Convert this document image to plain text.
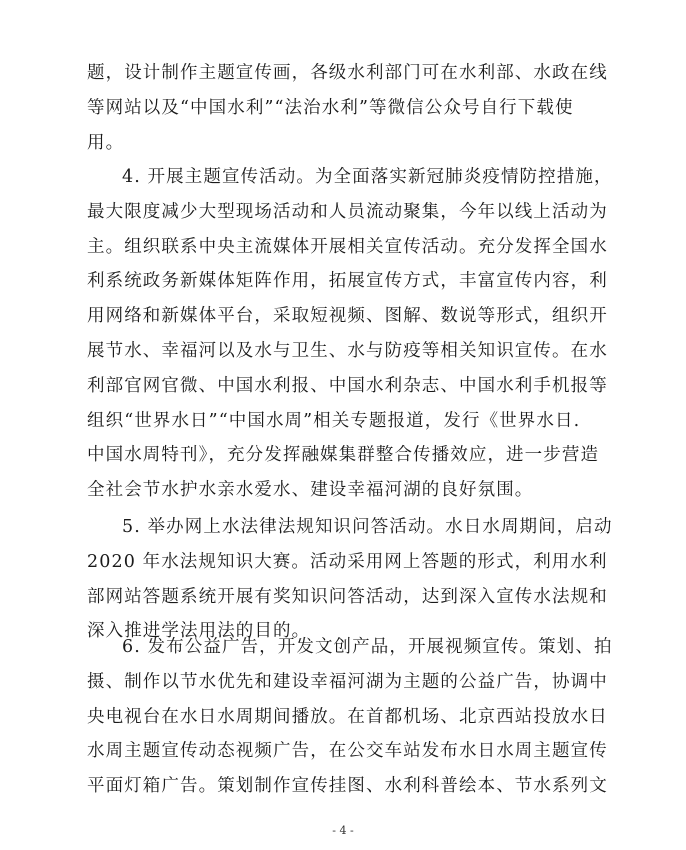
题，设计制作主题宣传画，各级水利部门可在水利部、水政在线
等网站以及“中国水利”“法治水利”等微信公众号自行下载使
用。
4. 开展主题宣传活动。为全面落实新冠肺炎疫情防控措施，
最大限度减少大型现场活动和人员流动聚集，今年以线上活动为
主。组织联系中央主流媒体开展相关宣传活动。充分发挥全国水
利系统政务新媒体矩阵作用，拓展宣传方式，丰富宣传内容，利
用网络和新媒体平台，采取短视频、图解、数说等形式，组织开
展节水、幸福河以及水与卫生、水与防疫等相关知识宣传。在水
利部官网官微、中国水利报、中国水利杂志、中国水利手机报等
组织“世界水日”“中国水周”相关专题报道，发行《世界水日.
中国水周特刊》，充分发挥融媒集群整合传播效应，进一步营造
全社会节水护水亲水爱水、建设幸福河湖的良好氛围。
5. 举办网上水法律法规知识问答活动。水日水周期间，启动
2020 年水法规知识大赛。活动采用网上答题的形式，利用水利
部网站答题系统开展有奖知识问答活动，达到深入宣传水法规和
深入推进学法用法的目的。
6. 发布公益广告，开发文创产品，开展视频宣传。策划、拍
摄、制作以节水优先和建设幸福河湖为主题的公益广告，协调中
央电视台在水日水周期间播放。在首都机场、北京西站投放水日
水周主题宣传动态视频广告，在公交车站发布水日水周主题宣传
平面灯箱广告。策划制作宣传挂图、水利科普绘本、节水系列文
- 4 -
